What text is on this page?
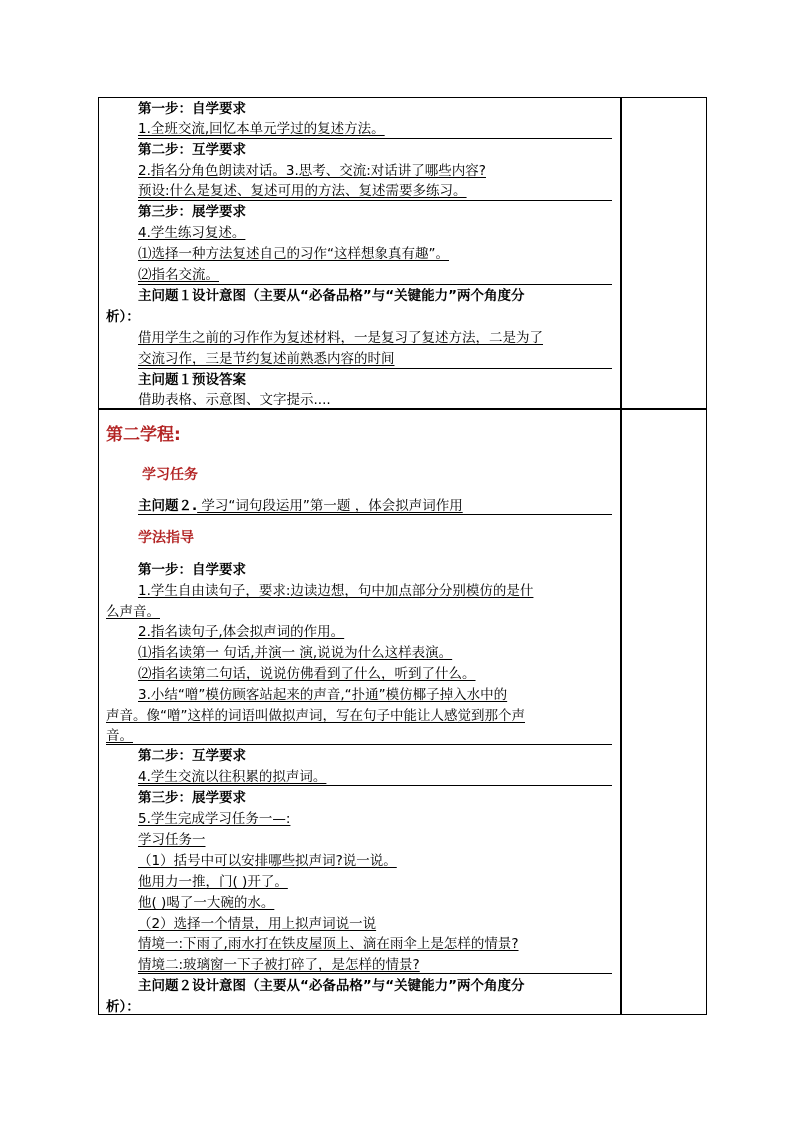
第一步：自学要求
1.全班交流,回忆本单元学过的复述方法。
第二步：互学要求
2.指名分角色朗读对话。3.思考、交流:对话讲了哪些内容?
预设:什么是复述、复述可用的方法、复述需要多练习。
第三步：展学要求
4.学生练习复述。
⑴选择一种方法复述自己的习作“这样想象真有趣”。
⑵指名交流。
主问题１设计意图（主要从“必备品格”与“关键能力”两个角度分
析）：
借用学生之前的习作作为复述材料，一是复习了复述方法，二是为了
交流习作，三是节约复述前熟悉内容的时间
主问题１预设答案
借助表格、示意图、文字提示....
第二学程:
学习任务
主问题２. 学习“词句段运用”第一题 ，体会拟声词作用
学法指导
第一步：自学要求
1.学生自由读句子，要求:边读边想，句中加点部分分别模仿的是什
么声音。
2.指名读句子,体会拟声词的作用。
⑴指名读第一 句话,并演一 演,说说为什么这样表演。
⑵指名读第二句话，说说仿佛看到了什么，听到了什么。
3.小结“噌”模仿顾客站起来的声音,“扑通”模仿椰子掉入水中的
声音。像“噌”这样的词语叫做拟声词，写在句子中能让人感觉到那个声
音。
第二步：互学要求
4.学生交流以往积累的拟声词。
第三步：展学要求
5.学生完成学习任务一—:
学习任务一
（1）括号中可以安排哪些拟声词?说一说。
他用力一推，门( )开了。
他( )喝了一大碗的水。
（2）选择一个情景，用上拟声词说一说
情境一:下雨了,雨水打在铁皮屋顶上、滴在雨伞上是怎样的情景?
情境二:玻璃窗一下子被打碎了，是怎样的情景?
主问题２设计意图（主要从“必备品格”与“关键能力”两个角度分
析）：
